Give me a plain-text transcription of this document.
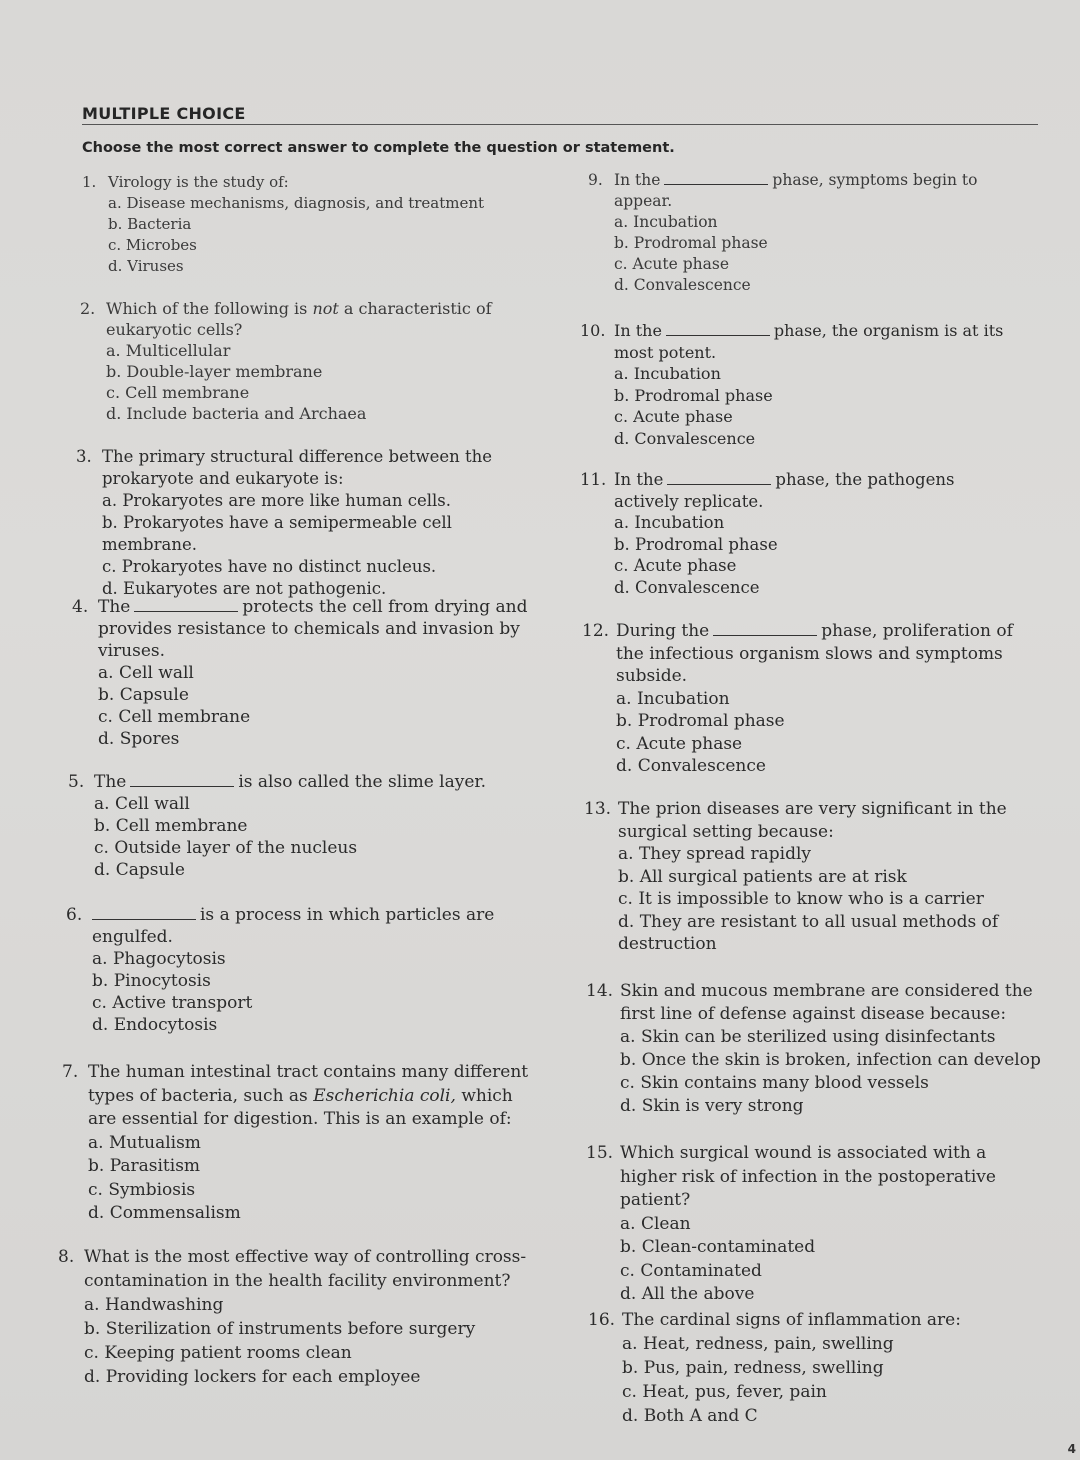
MULTIPLE CHOICE
Choose the most correct answer to complete the question or statement.
1. Virology is the study of:
a. Disease mechanisms, diagnosis, and treatment
b. Bacteria
c. Microbes
d. Viruses
2. Which of the following is not a characteristic of eukaryotic cells?
a. Multicellular
b. Double-layer membrane
c. Cell membrane
d. Include bacteria and Archaea
3. The primary structural difference between the prokaryote and eukaryote is:
a. Prokaryotes are more like human cells.
b. Prokaryotes have a semipermeable cell membrane.
c. Prokaryotes have no distinct nucleus.
d. Eukaryotes are not pathogenic.
4. The	protects the cell from drying and provides resistance to chemicals and invasion by viruses.
a. Cell wall
b. Capsule
c. Cell membrane
d. Spores
5. The	is also called the slime layer.
a. Cell wall
b. Cell membrane
c. Outside layer of the nucleus
d. Capsule
6.	is a process in which particles are engulfed.
a. Phagocytosis
b. Pinocytosis
c. Active transport
d. Endocytosis
7. The human intestinal tract contains many different types of bacteria, such as Escherichia coli, which are essential for digestion. This is an example of:
a. Mutualism
b. Parasitism
c. Symbiosis
d. Commensalism
8. What is the most effective way of controlling cross-contamination in the health facility environment?
a. Handwashing
b. Sterilization of instruments before surgery
c. Keeping patient rooms clean
d. Providing lockers for each employee
9. In the	phase, symptoms begin to appear.
a. Incubation
b. Prodromal phase
c. Acute phase
d. Convalescence
10. In the	phase, the organism is at its most potent.
a. Incubation
b. Prodromal phase
c. Acute phase
d. Convalescence
11. In the	phase, the pathogens actively replicate.
a. Incubation
b. Prodromal phase
c. Acute phase
d. Convalescence
12. During the	phase, proliferation of the infectious organism slows and symptoms subside.
a. Incubation
b. Prodromal phase
c. Acute phase
d. Convalescence
13. The prion diseases are very significant in the surgical setting because:
a. They spread rapidly
b. All surgical patients are at risk
c. It is impossible to know who is a carrier
d. They are resistant to all usual methods of destruction
14. Skin and mucous membrane are considered the first line of defense against disease because:
a. Skin can be sterilized using disinfectants
b. Once the skin is broken, infection can develop
c. Skin contains many blood vessels
d. Skin is very strong
15. Which surgical wound is associated with a higher risk of infection in the postoperative patient?
a. Clean
b. Clean-contaminated
c. Contaminated
d. All the above
16. The cardinal signs of inflammation are:
a. Heat, redness, pain, swelling
b. Pus, pain, redness, swelling
c. Heat, pus, fever, pain
d. Both A and C
4
